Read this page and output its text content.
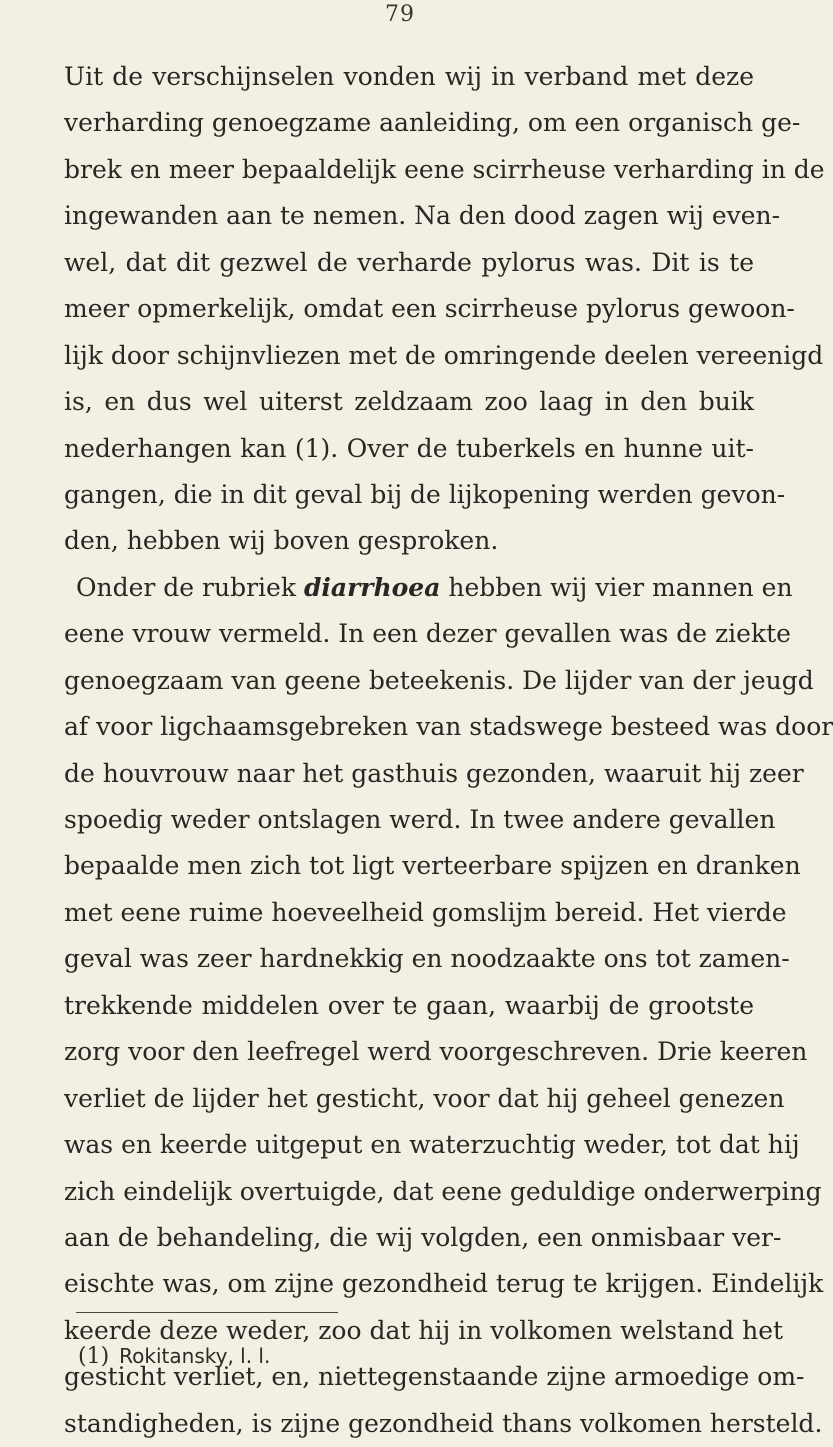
79
Uit de verschijnselen vonden wij in verband met deze
verharding genoegzame aanleiding, om een organisch ge-
brek en meer bepaaldelijk eene scirrheuse verharding in de
ingewanden aan te nemen. Na den dood zagen wij even-
wel, dat dit gezwel de verharde pylorus was. Dit is te
meer opmerkelijk, omdat een scirrheuse pylorus gewoon-
lijk door schijnvliezen met de omringende deelen vereenigd
is, en dus wel uiterst zeldzaam zoo laag in den buik
nederhangen kan (1). Over de tuberkels en hunne uit-
gangen, die in dit geval bij de lijkopening werden gevon-
den, hebben wij boven gesproken.
Onder de rubriek diarrhoea hebben wij vier mannen en
eene vrouw vermeld. In een dezer gevallen was de ziekte
genoegzaam van geene beteekenis. De lijder van der jeugd
af voor ligchaamsgebreken van stadswege besteed was door
de houvrouw naar het gasthuis gezonden, waaruit hij zeer
spoedig weder ontslagen werd. In twee andere gevallen
bepaalde men zich tot ligt verteerbare spijzen en dranken
met eene ruime hoeveelheid gomslijm bereid. Het vierde
geval was zeer hardnekkig en noodzaakte ons tot zamen-
trekkende middelen over te gaan, waarbij de grootste
zorg voor den leefregel werd voorgeschreven. Drie keeren
verliet de lijder het gesticht, voor dat hij geheel genezen
was en keerde uitgeput en waterzuchtig weder, tot dat hij
zich eindelijk overtuigde, dat eene geduldige onderwerping
aan de behandeling, die wij volgden, een onmisbaar ver-
eischte was, om zijne gezondheid terug te krijgen. Eindelijk
keerde deze weder, zoo dat hij in volkomen welstand het
gesticht verliet, en, niettegenstaande zijne armoedige om-
standigheden, is zijne gezondheid thans volkomen hersteld.
(1) Rokitansky, l. l.
